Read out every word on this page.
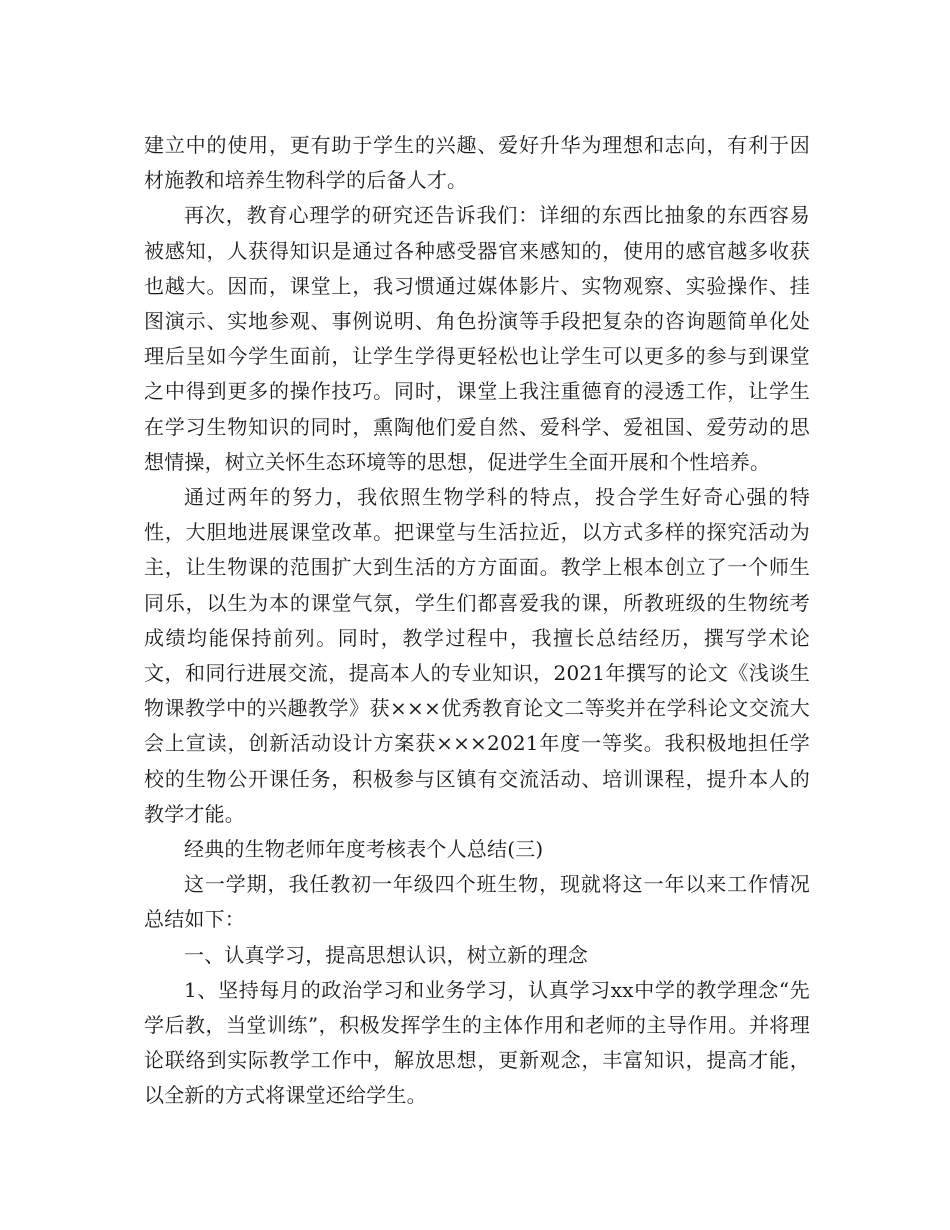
建立中的使用，更有助于学生的兴趣、爱好升华为理想和志向，有利于因材施教和培养生物科学的后备人才。

再次，教育心理学的研究还告诉我们：详细的东西比抽象的东西容易被感知，人获得知识是通过各种感受器官来感知的，使用的感官越多收获也越大。因而，课堂上，我习惯通过媒体影片、实物观察、实验操作、挂图演示、实地参观、事例说明、角色扮演等手段把复杂的咨询题简单化处理后呈如今学生面前，让学生学得更轻松也让学生可以更多的参与到课堂之中得到更多的操作技巧。同时，课堂上我注重德育的浸透工作，让学生在学习生物知识的同时，熏陶他们爱自然、爱科学、爱祖国、爱劳动的思想情操，树立关怀生态环境等的思想，促进学生全面开展和个性培养。

通过两年的努力，我依照生物学科的特点，投合学生好奇心强的特性，大胆地进展课堂改革。把课堂与生活拉近，以方式多样的探究活动为主，让生物课的范围扩大到生活的方方面面。教学上根本创立了一个师生同乐，以生为本的课堂气氛，学生们都喜爱我的课，所教班级的生物统考成绩均能保持前列。同时，教学过程中，我擅长总结经历，撰写学术论文，和同行进展交流，提高本人的专业知识，2021年撰写的论文《浅谈生物课教学中的兴趣教学》获×××优秀教育论文二等奖并在学科论文交流大会上宣读，创新活动设计方案获×××2021年度一等奖。我积极地担任学校的生物公开课任务，积极参与区镇有交流活动、培训课程，提升本人的教学才能。

经典的生物老师年度考核表个人总结(三)

这一学期，我任教初一年级四个班生物，现就将这一年以来工作情况总结如下：

一、认真学习，提高思想认识，树立新的理念

1、坚持每月的政治学习和业务学习，认真学习xx中学的教学理念“先学后教，当堂训练”，积极发挥学生的主体作用和老师的主导作用。并将理论联络到实际教学工作中，解放思想，更新观念，丰富知识，提高才能，以全新的方式将课堂还给学生。
